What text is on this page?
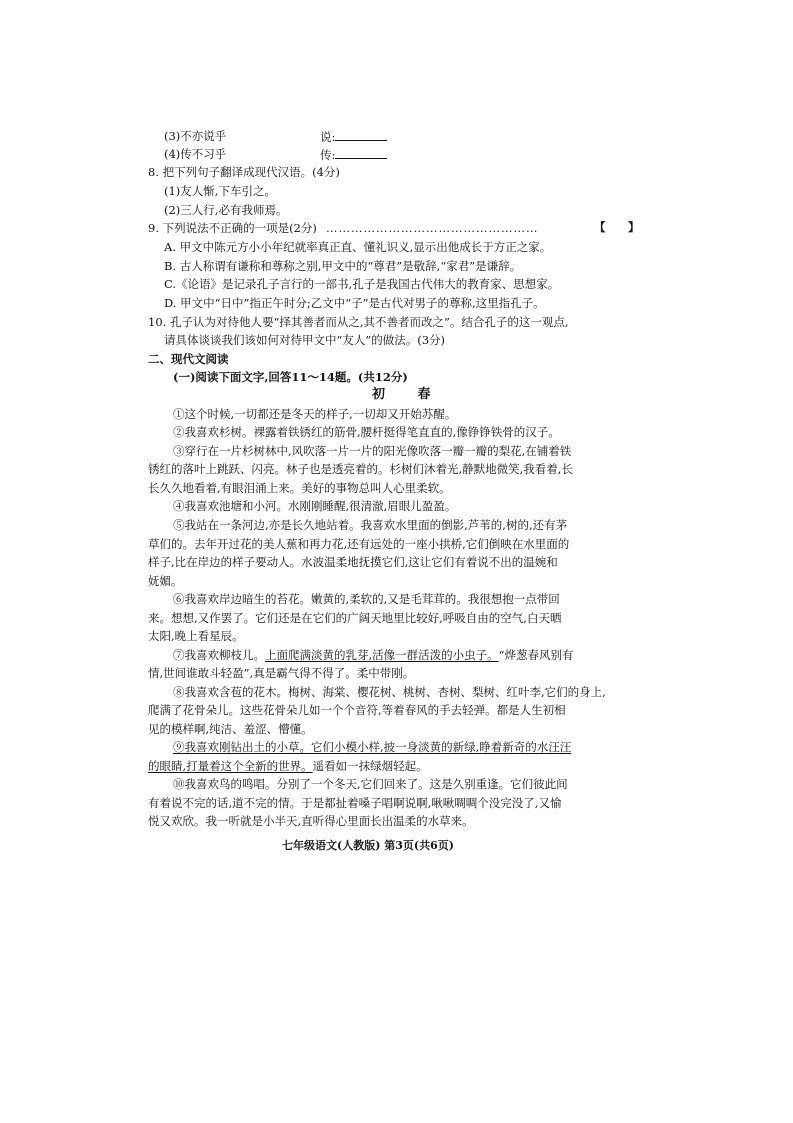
(3)不亦说乎	说:
(4)传不习乎	传:
8. 把下列句子翻译成现代汉语。(4分)
(1)友人惭,下车引之。
(2)三人行,必有我师焉。
9. 下列说法不正确的一项是(2分) ……………………………………………	【 】
A. 甲文中陈元方小小年纪就率真正直、懂礼识义,显示出他成长于方正之家。
B. 古人称谓有谦称和尊称之别,甲文中的“尊君”是敬辞,“家君”是谦辞。
C.《论语》是记录孔子言行的一部书,孔子是我国古代伟大的教育家、思想家。
D. 甲文中“日中”指正午时分;乙文中“子”是古代对男子的尊称,这里指孔子。
10. 孔子认为对待他人要“择其善者而从之,其不善者而改之”。结合孔子的这一观点,
请具体谈谈我们该如何对待甲文中“友人”的做法。(3分)
二、现代文阅读
(一)阅读下面文字,回答11～14题。(共12分)
初 春
①这个时候,一切都还是冬天的样子,一切却又开始苏醒。
②我喜欢杉树。裸露着铁锈红的筋骨,腰杆挺得笔直直的,像铮铮铁骨的汉子。
③穿行在一片杉树林中,风吹落一片一片的阳光像吹落一瓣一瓣的梨花,在铺着铁
锈红的落叶上跳跃、闪亮。林子也是透亮着的。杉树们沐着光,静默地微笑,我看着,长
长久久地看着,有眼泪涌上来。美好的事物总叫人心里柔软。
④我喜欢池塘和小河。水刚刚睡醒,很清澈,眉眼儿盈盈。
⑤我站在一条河边,亦是长久地站着。我喜欢水里面的倒影,芦苇的,树的,还有茅
草们的。去年开过花的美人蕉和再力花,还有远处的一座小拱桥,它们倒映在水里面的
样子,比在岸边的样子要动人。水波温柔地抚摸它们,这让它们有着说不出的温婉和
妩媚。
⑥我喜欢岸边暗生的苔花。嫩黄的,柔软的,又是毛茸茸的。我很想抱一点带回
来。想想,又作罢了。它们还是在它们的广阔天地里比较好,呼吸自由的空气,白天晒
太阳,晚上看星辰。
⑦我喜欢柳枝儿。上面爬满淡黄的乳芽,活像一群活泼的小虫子。“烨葱春风别有
情,世间谁敢斗轻盈”,真是霸气得不得了。柔中带刚。
⑧我喜欢含苞的花木。梅树、海棠、樱花树、桃树、杏树、梨树、红叶李,它们的身上,
爬满了花骨朵儿。这些花骨朵儿如一个个音符,等着春风的手去轻弹。都是人生初相
见的模样啊,纯洁、羞涩、懵懂。
⑨我喜欢刚钻出土的小草。它们小模小样,披一身淡黄的新绿,睁着新奇的水汪汪
的眼睛,打量着这个全新的世界。遥看如一抹绿烟轻起。
⑩我喜欢鸟的鸣唱。分别了一个冬天,它们回来了。这是久别重逢。它们彼此间
有着说不完的话,道不完的情。于是都扯着嗓子唱啊说啊,啾啾啁啁个没完没了,又愉
悦又欢欣。我一听就是小半天,直听得心里面长出温柔的水草来。
七年级语文(人教版) 第3页(共6页)
